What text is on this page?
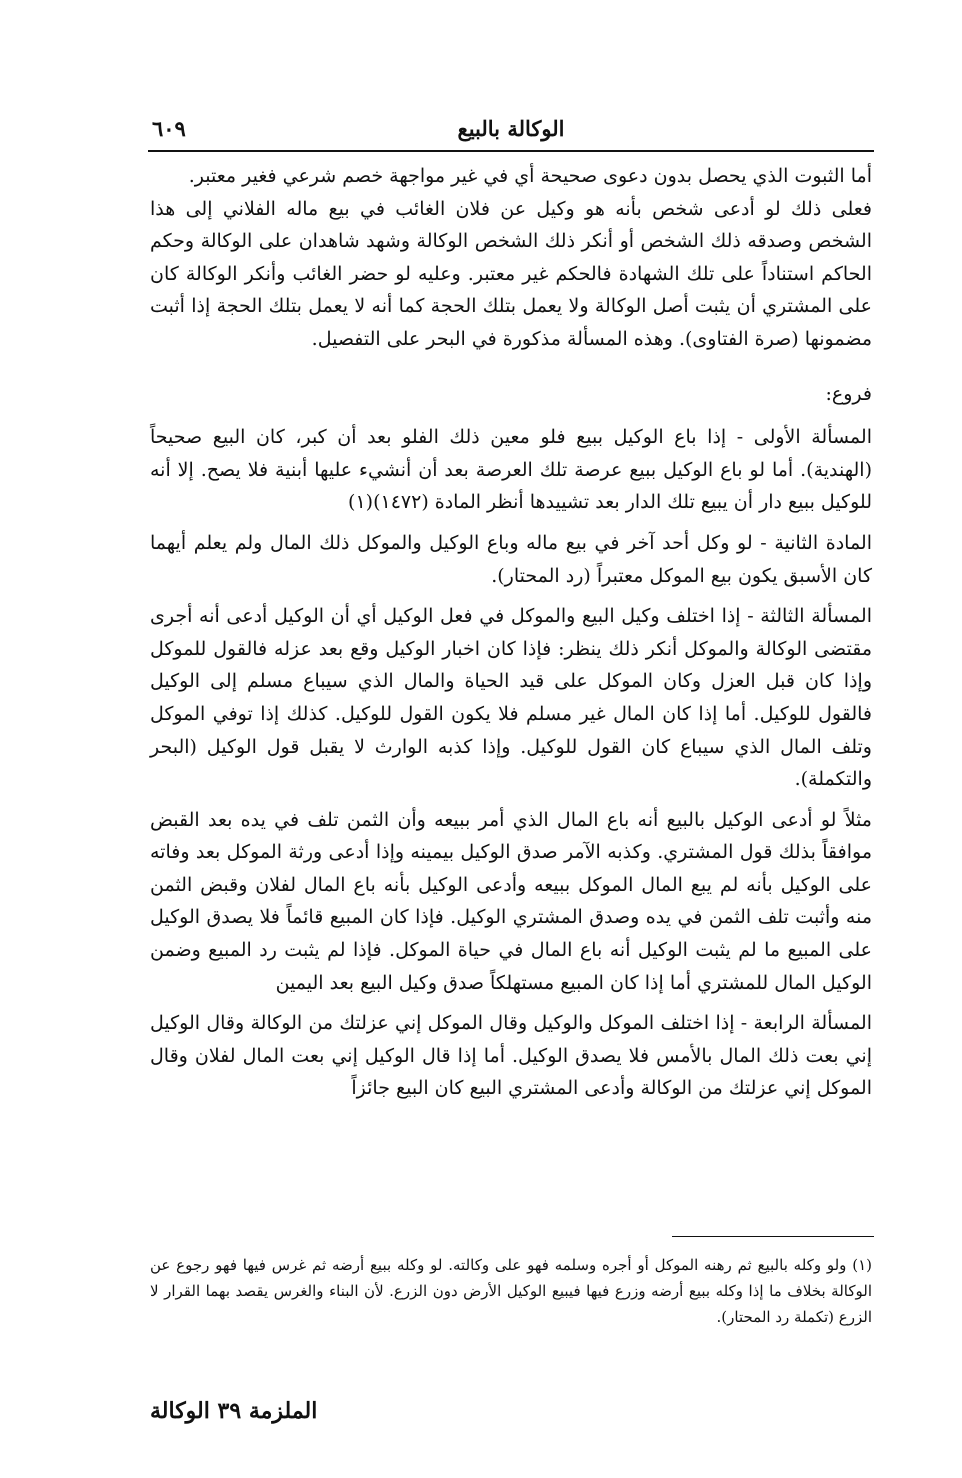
الوكالة بالبيع
٦٠٩

أما الثبوت الذي يحصل بدون دعوى صحيحة أي في غير مواجهة خصم شرعي فغير معتبر.

فعلى ذلك لو أدعى شخص بأنه هو وكيل عن فلان الغائب في بيع ماله الفلاني إلى هذا الشخص وصدقه ذلك الشخص أو أنكر ذلك الشخص الوكالة وشهد شاهدان على الوكالة وحكم الحاكم استناداً على تلك الشهادة فالحكم غير معتبر. وعليه لو حضر الغائب وأنكر الوكالة كان على المشتري أن يثبت أصل الوكالة ولا يعمل بتلك الحجة كما أنه لا يعمل بتلك الحجة إذا أثبت مضمونها (صرة الفتاوى). وهذه المسألة مذكورة في البحر على التفصيل.

فروع:

المسألة الأولى - إذا باع الوكيل ببيع فلو معين ذلك الفلو بعد أن كبر، كان البيع صحيحاً (الهندية). أما لو باع الوكيل ببيع عرصة تلك العرصة بعد أن أنشيء عليها أبنية فلا يصح. إلا أنه للوكيل ببيع دار أن يبيع تلك الدار بعد تشييدها أنظر المادة (١٤٧٢)(١)

المادة الثانية - لو وكل أحد آخر في بيع ماله وباع الوكيل والموكل ذلك المال ولم يعلم أيهما كان الأسبق يكون بيع الموكل معتبراً (رد المحتار).

المسألة الثالثة - إذا اختلف وكيل البيع والموكل في فعل الوكيل أي أن الوكيل أدعى أنه أجرى مقتضى الوكالة والموكل أنكر ذلك ينظر: فإذا كان اخبار الوكيل وقع بعد عزله فالقول للموكل وإذا كان قبل العزل وكان الموكل على قيد الحياة والمال الذي سيباع مسلم إلى الوكيل فالقول للوكيل. أما إذا كان المال غير مسلم فلا يكون القول للوكيل. كذلك إذا توفي الموكل وتلف المال الذي سيباع كان القول للوكيل. وإذا كذبه الوارث لا يقبل قول الوكيل (البحر والتكملة).

مثلاً لو أدعى الوكيل بالبيع أنه باع المال الذي أمر ببيعه وأن الثمن تلف في يده بعد القبض موافقاً بذلك قول المشتري. وكذبه الآمر صدق الوكيل بيمينه وإذا أدعى ورثة الموكل بعد وفاته على الوكيل بأنه لم يبع المال الموكل ببيعه وأدعى الوكيل بأنه باع المال لفلان وقبض الثمن منه وأثبت تلف الثمن في يده وصدق المشتري الوكيل. فإذا كان المبيع قائماً فلا يصدق الوكيل على المبيع ما لم يثبت الوكيل أنه باع المال في حياة الموكل. فإذا لم يثبت رد المبيع وضمن الوكيل المال للمشتري أما إذا كان المبيع مستهلكاً صدق وكيل البيع بعد اليمين

المسألة الرابعة - إذا اختلف الموكل والوكيل وقال الموكل إني عزلتك من الوكالة وقال الوكيل إني بعت ذلك المال بالأمس فلا يصدق الوكيل. أما إذا قال الوكيل إني بعت المال لفلان وقال الموكل إني عزلتك من الوكالة وأدعى المشتري البيع كان البيع جائزاً

(١) ولو وكله بالبيع ثم رهنه الموكل أو أجره وسلمه فهو على وكالته. لو وكله ببيع أرضه ثم غرس فيها فهو رجوع عن الوكالة بخلاف ما إذا وكله ببيع أرضه وزرع فيها فيبيع الوكيل الأرض دون الزرع. لأن البناء والغرس يقصد بهما القرار لا الزرع (تكملة رد المحتار).
الملزمة ٣٩ الوكالة
